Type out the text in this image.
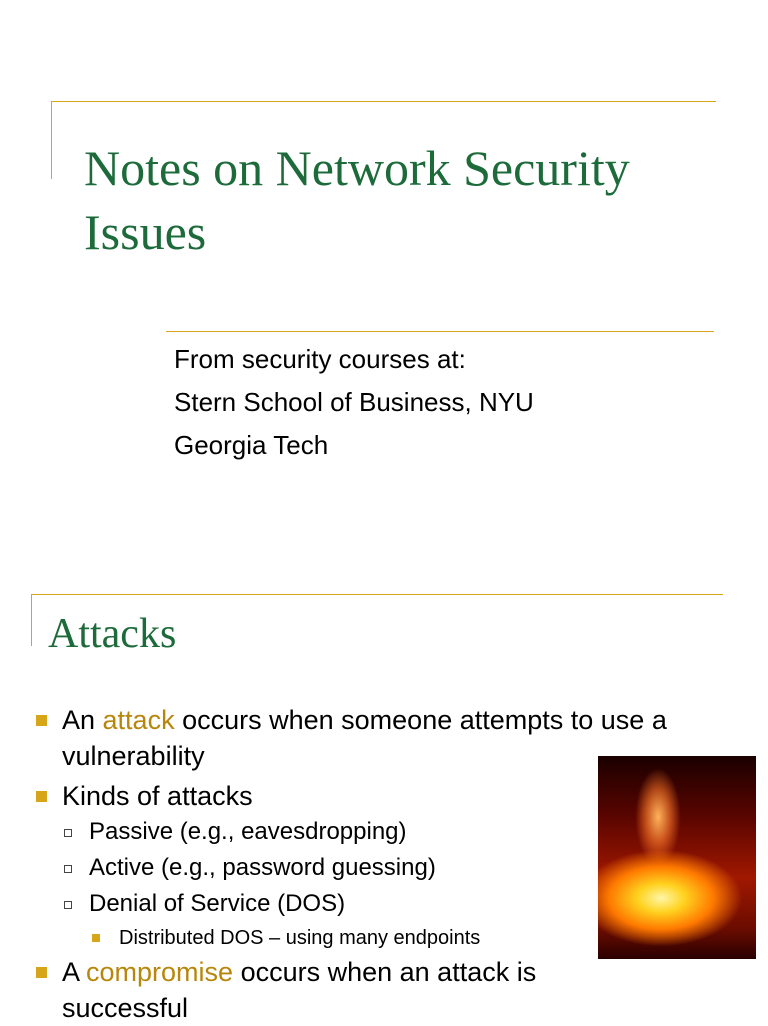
Notes on Network Security Issues
From security courses at:
Stern School of Business, NYU
Georgia Tech
Attacks
An attack occurs when someone attempts to use a vulnerability
Kinds of attacks
Passive (e.g., eavesdropping)
Active (e.g., password guessing)
Denial of Service (DOS)
Distributed DOS – using many endpoints
A compromise occurs when an attack is successful
